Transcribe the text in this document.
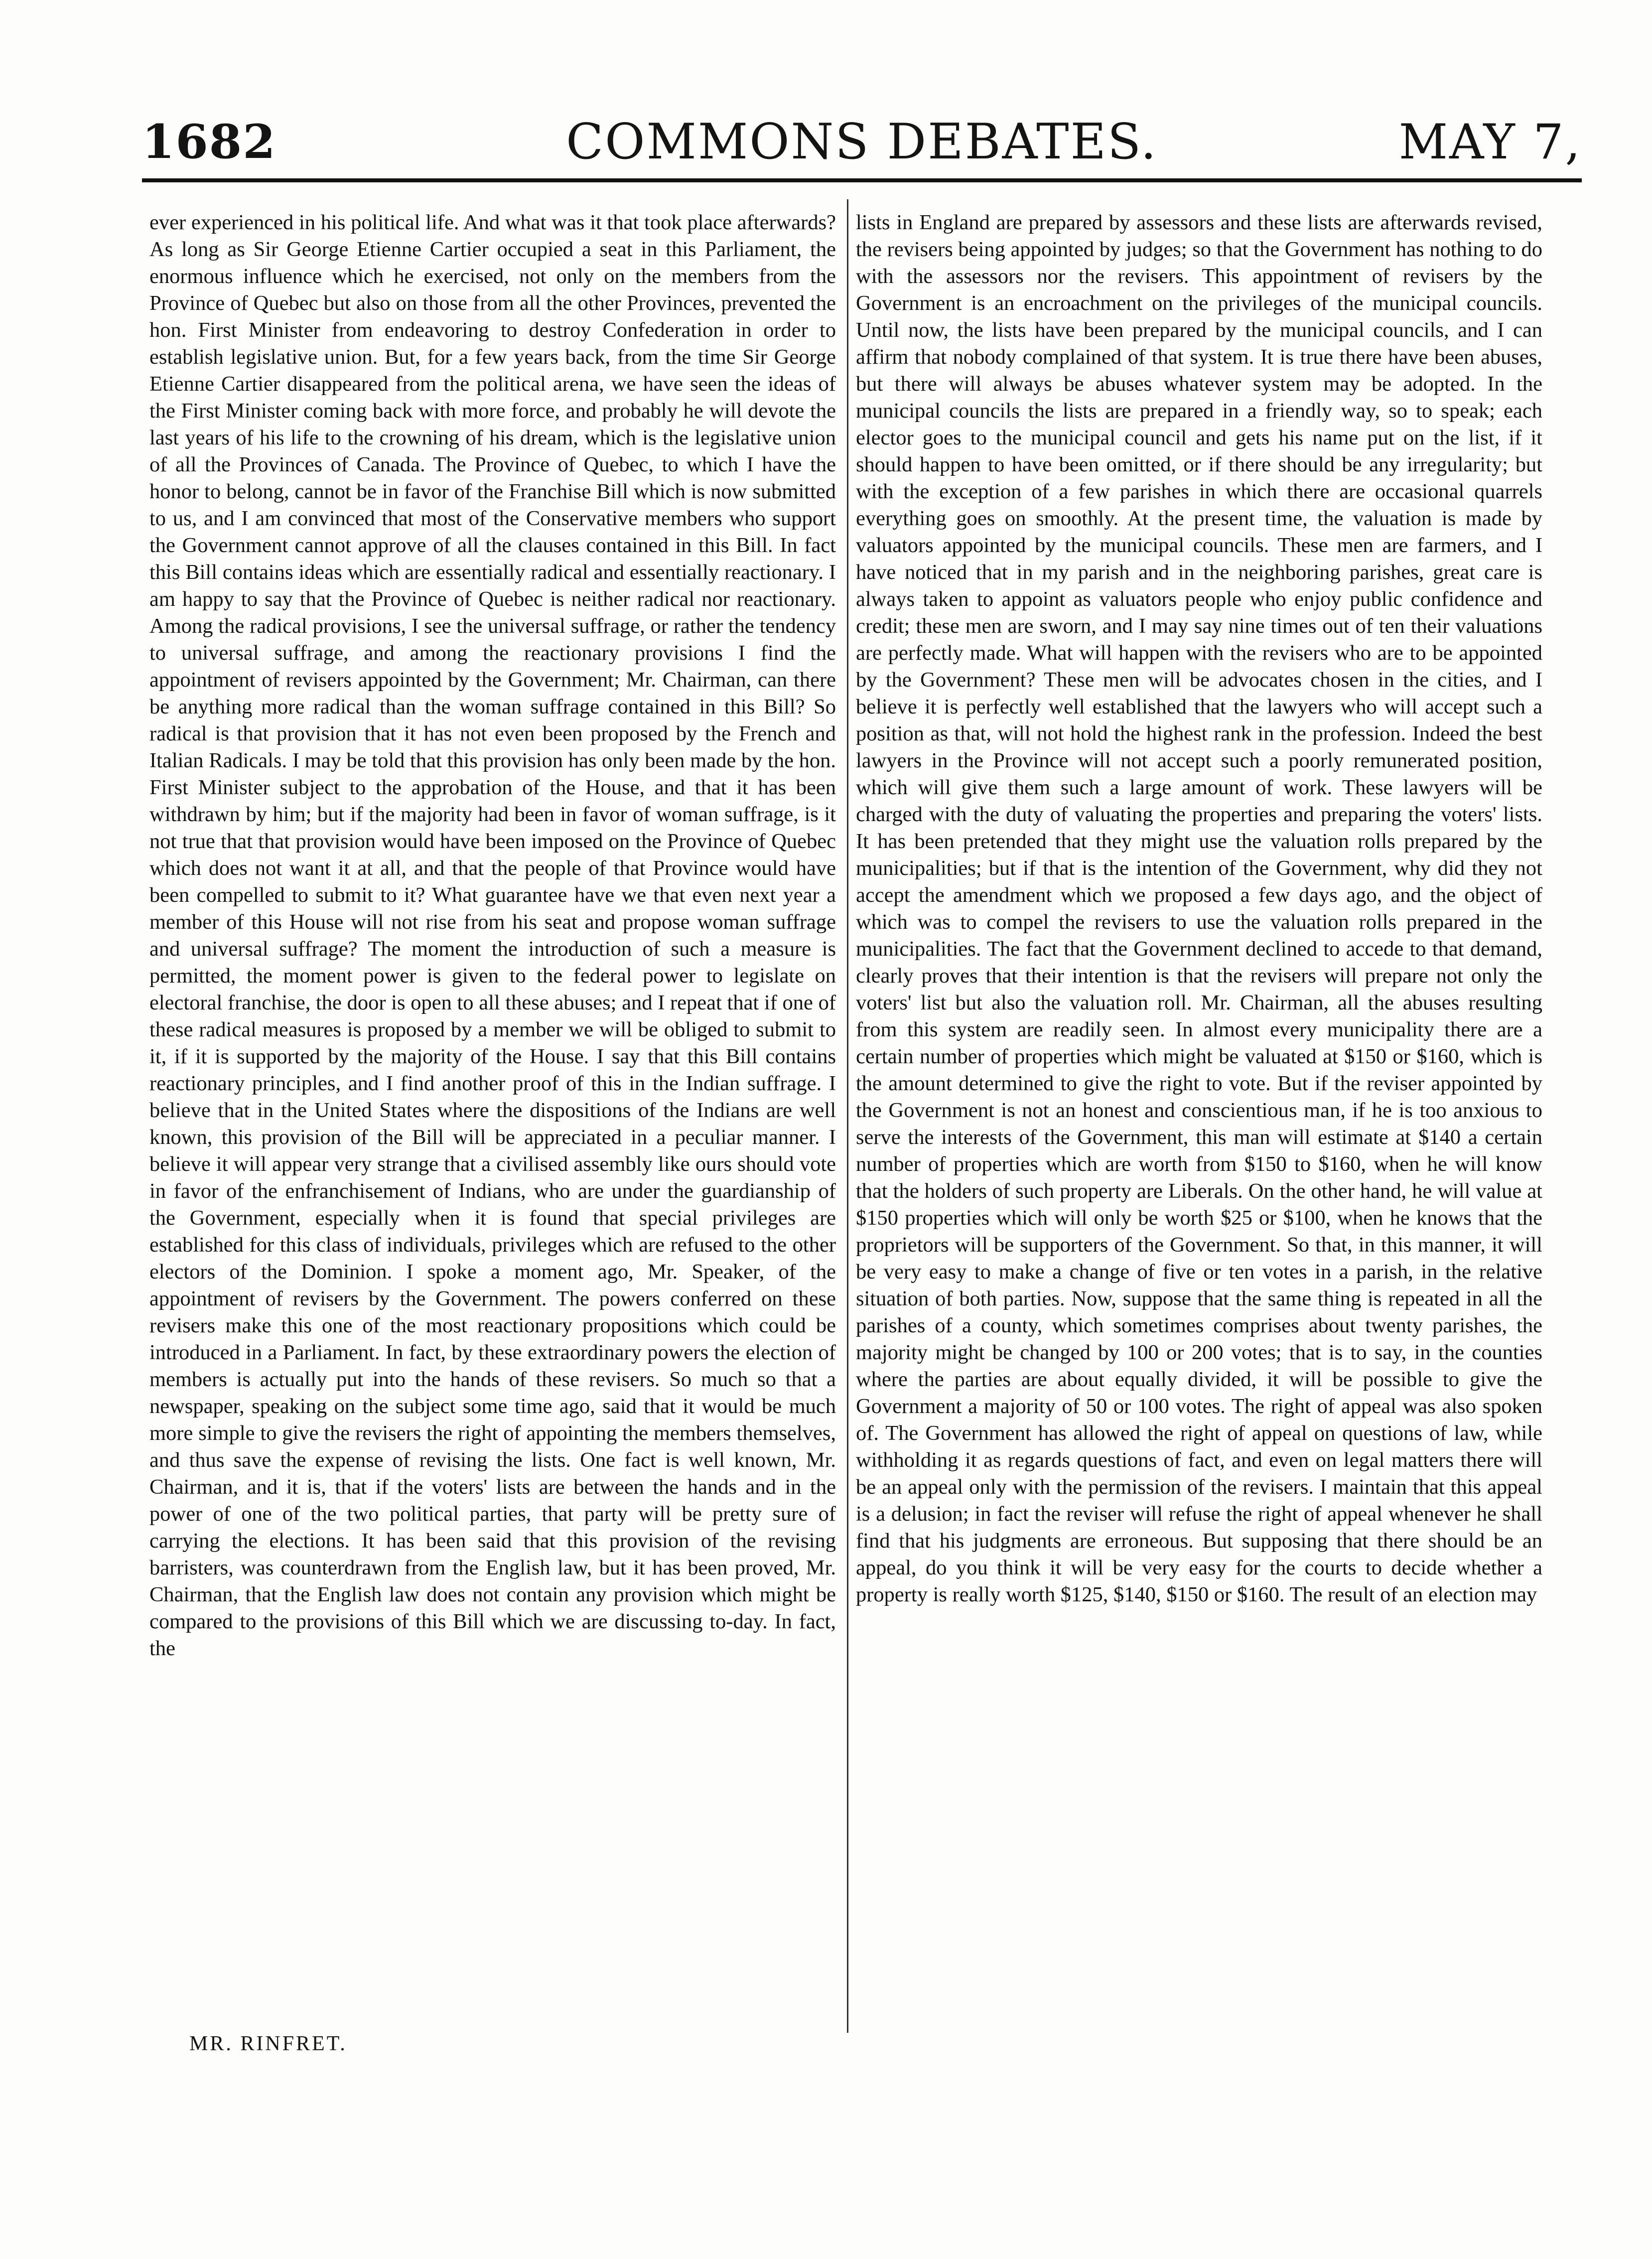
1682	COMMONS DEBATES.	MAY 7,

ever experienced in his political life. And what was it that took place afterwards? As long as Sir George Etienne Cartier occupied a seat in this Parliament, the enormous influence which he exercised, not only on the members from the Province of Quebec but also on those from all the other Provinces, prevented the hon. First Minister from endeavoring to destroy Confederation in order to establish legislative union. But, for a few years back, from the time Sir George Etienne Cartier disappeared from the political arena, we have seen the ideas of the First Minister coming back with more force, and probably he will devote the last years of his life to the crowning of his dream, which is the legislative union of all the Provinces of Canada. The Province of Quebec, to which I have the honor to belong, cannot be in favor of the Franchise Bill which is now submitted to us, and I am convinced that most of the Conservative members who support the Government cannot approve of all the clauses contained in this Bill. In fact this Bill contains ideas which are essentially radical and essentially reactionary. I am happy to say that the Province of Quebec is neither radical nor reactionary. Among the radical provisions, I see the universal suffrage, or rather the tendency to universal suffrage, and among the reactionary provisions I find the appointment of revisers appointed by the Government; Mr. Chairman, can there be anything more radical than the woman suffrage contained in this Bill? So radical is that provision that it has not even been proposed by the French and Italian Radicals. I may be told that this provision has only been made by the hon. First Minister subject to the approbation of the House, and that it has been withdrawn by him; but if the majority had been in favor of woman suffrage, is it not true that that provision would have been imposed on the Province of Quebec which does not want it at all, and that the people of that Province would have been compelled to submit to it? What guarantee have we that even next year a member of this House will not rise from his seat and propose woman suffrage and universal suffrage? The moment the introduction of such a measure is permitted, the moment power is given to the federal power to legislate on electoral franchise, the door is open to all these abuses; and I repeat that if one of these radical measures is proposed by a member we will be obliged to submit to it, if it is supported by the majority of the House. I say that this Bill contains reactionary principles, and I find another proof of this in the Indian suffrage. I believe that in the United States where the dispositions of the Indians are well known, this provision of the Bill will be appreciated in a peculiar manner. I believe it will appear very strange that a civilised assembly like ours should vote in favor of the enfranchisement of Indians, who are under the guardianship of the Government, especially when it is found that special privileges are established for this class of individuals, privileges which are refused to the other electors of the Dominion. I spoke a moment ago, Mr. Speaker, of the appointment of revisers by the Government. The powers conferred on these revisers make this one of the most reactionary propositions which could be introduced in a Parliament. In fact, by these extraordinary powers the election of members is actually put into the hands of these revisers. So much so that a newspaper, speaking on the subject some time ago, said that it would be much more simple to give the revisers the right of appointing the members themselves, and thus save the expense of revising the lists. One fact is well known, Mr. Chairman, and it is, that if the voters' lists are between the hands and in the power of one of the two political parties, that party will be pretty sure of carrying the elections. It has been said that this provision of the revising barristers, was counterdrawn from the English law, but it has been proved, Mr. Chairman, that the English law does not contain any provision which might be compared to the provisions of this Bill which we are discussing to-day. In fact, the

lists in England are prepared by assessors and these lists are afterwards revised, the revisers being appointed by judges; so that the Government has nothing to do with the assessors nor the revisers. This appointment of revisers by the Government is an encroachment on the privileges of the municipal councils. Until now, the lists have been prepared by the municipal councils, and I can affirm that nobody complained of that system. It is true there have been abuses, but there will always be abuses whatever system may be adopted. In the municipal councils the lists are prepared in a friendly way, so to speak; each elector goes to the municipal council and gets his name put on the list, if it should happen to have been omitted, or if there should be any irregularity; but with the exception of a few parishes in which there are occasional quarrels everything goes on smoothly. At the present time, the valuation is made by valuators appointed by the municipal councils. These men are farmers, and I have noticed that in my parish and in the neighboring parishes, great care is always taken to appoint as valuators people who enjoy public confidence and credit; these men are sworn, and I may say nine times out of ten their valuations are perfectly made. What will happen with the revisers who are to be appointed by the Government? These men will be advocates chosen in the cities, and I believe it is perfectly well established that the lawyers who will accept such a position as that, will not hold the highest rank in the profession. Indeed the best lawyers in the Province will not accept such a poorly remunerated position, which will give them such a large amount of work. These lawyers will be charged with the duty of valuating the properties and preparing the voters' lists. It has been pretended that they might use the valuation rolls prepared by the municipalities; but if that is the intention of the Government, why did they not accept the amendment which we proposed a few days ago, and the object of which was to compel the revisers to use the valuation rolls prepared in the municipalities. The fact that the Government declined to accede to that demand, clearly proves that their intention is that the revisers will prepare not only the voters' list but also the valuation roll. Mr. Chairman, all the abuses resulting from this system are readily seen. In almost every municipality there are a certain number of properties which might be valuated at $150 or $160, which is the amount determined to give the right to vote. But if the reviser appointed by the Government is not an honest and conscientious man, if he is too anxious to serve the interests of the Government, this man will estimate at $140 a certain number of properties which are worth from $150 to $160, when he will know that the holders of such property are Liberals. On the other hand, he will value at $150 properties which will only be worth $25 or $100, when he knows that the proprietors will be supporters of the Government. So that, in this manner, it will be very easy to make a change of five or ten votes in a parish, in the relative situation of both parties. Now, suppose that the same thing is repeated in all the parishes of a county, which sometimes comprises about twenty parishes, the majority might be changed by 100 or 200 votes; that is to say, in the counties where the parties are about equally divided, it will be possible to give the Government a majority of 50 or 100 votes. The right of appeal was also spoken of. The Government has allowed the right of appeal on questions of law, while withholding it as regards questions of fact, and even on legal matters there will be an appeal only with the permission of the revisers. I maintain that this appeal is a delusion; in fact the reviser will refuse the right of appeal whenever he shall find that his judgments are erroneous. But supposing that there should be an appeal, do you think it will be very easy for the courts to decide whether a property is really worth $125, $140, $150 or $160. The result of an election may

MR. RINFRET.
